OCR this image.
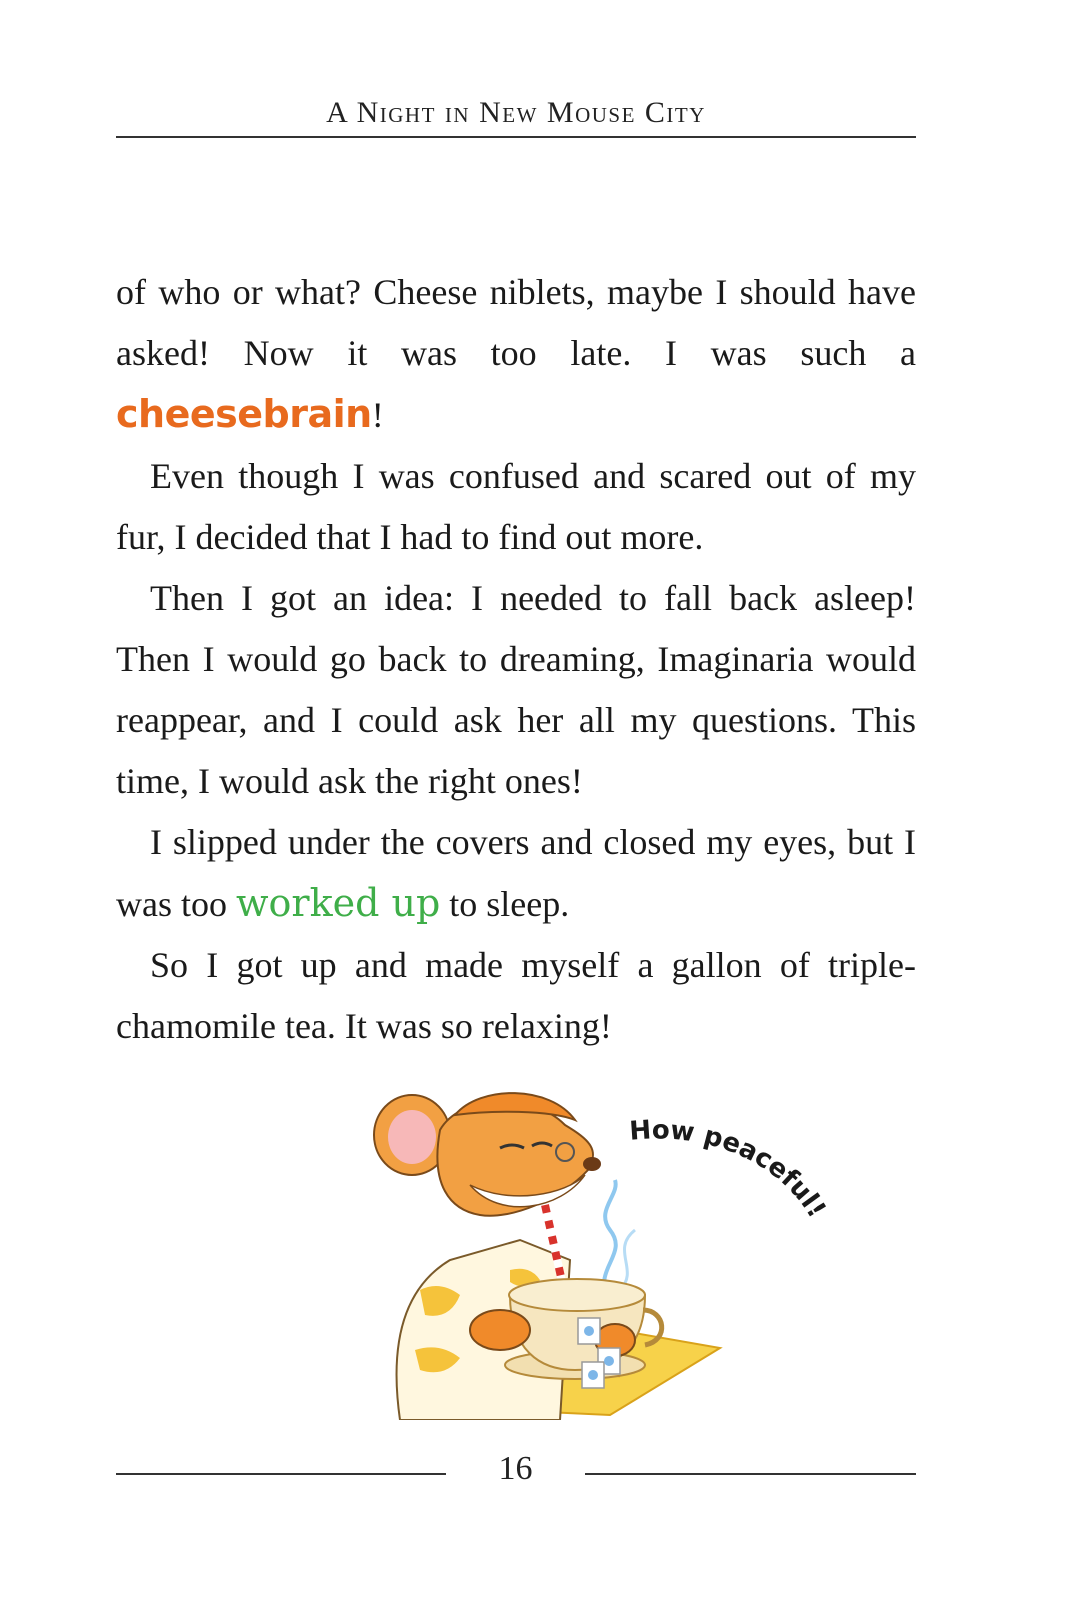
A Night in New Mouse City

of who or what? Cheese niblets, maybe I should have asked! Now it was too late. I was such a cheesebrain!

Even though I was confused and scared out of my fur, I decided that I had to find out more.

Then I got an idea: I needed to fall back asleep! Then I would go back to dreaming, Imaginaria would reappear, and I could ask her all my questions. This time, I would ask the right ones!

I slipped under the covers and closed my eyes, but I was too worked up to sleep.

So I got up and made myself a gallon of triple-chamomile tea. It was so relaxing!

How peaceful!
16
